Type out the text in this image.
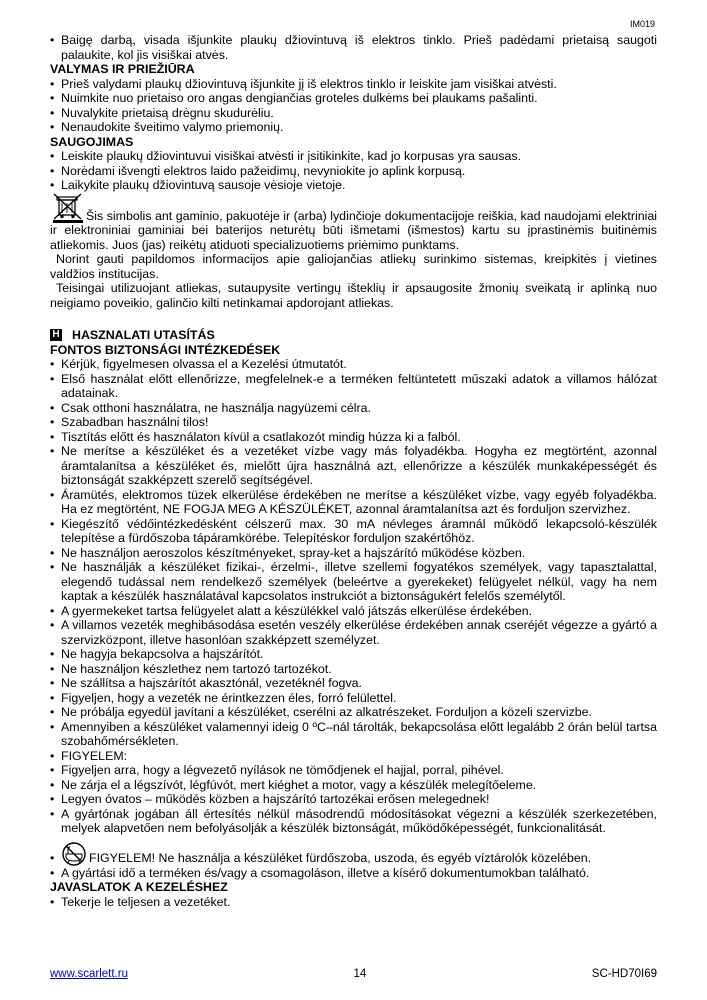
IM019
• Baigę darbą, visada išjunkite plaukų džiovintuvą iš elektros tinklo. Prieš padėdami prietaisą saugoti palaukite, kol jis visiškai atvės.
VALYMAS IR PRIEŽIŪRA
• Prieš valydami plaukų džiovintuvą išjunkite jį iš elektros tinklo ir leiskite jam visiškai atvėsti.
• Nuimkite nuo prietaiso oro angas dengiančias groteles dulkėms bei plaukams pašalinti.
• Nuvalykite prietaisą drėgnu skudurėliu.
• Nenaudokite šveitimo valymo priemonių.
SAUGOJIMAS
• Leiskite plaukų džiovintuvui visiškai atvėsti ir įsitikinkite, kad jo korpusas yra sausas.
• Norėdami išvengti elektros laido pažeidimų, nevyniokite jo aplink korpusą.
• Laikykite plaukų džiovintuvą sausoje vėsioje vietoje.
Šis simbolis ant gaminio, pakuotėje ir (arba) lydinčioje dokumentacijoje reiškia, kad naudojami elektriniai ir elektroniniai gaminiai bei baterijos neturėtų būti išmetami (išmestos) kartu su įprastinėmis buitinėmis atliekomis. Juos (jas) reikėtų atiduoti specializuotiems priėmimo punktams.
Norint gauti papildomos informacijos apie galiojančias atliekų surinkimo sistemas, kreipkitės į vietines valdžios institucijas.
Teisingai utilizuojant atliekas, sutaupysite vertingų išteklių ir apsaugosite žmonių sveikatą ir aplinką nuo neigiamo poveikio, galinčio kilti netinkamai apdorojant atliekas.
H HASZNALATI UTASÍTÁS
FONTOS BIZTONSÁGI INTÉZKEDÉSEK
• Kérjük, figyelmesen olvassa el a Kezelési útmutatót.
• Első használat előtt ellenőrizze, megfelelnek-e a terméken feltüntetett műszaki adatok a villamos hálózat adatainak.
• Csak otthoni használatra, ne használja nagyüzemi célra.
• Szabadban használni tilos!
• Tisztítás előtt és használaton kívül a csatlakozót mindig húzza ki a falból.
• Ne merítse a készüléket és a vezetéket vízbe vagy más folyadékba. Hogyha ez megtörtént, azonnal áramtalanítsa a készüléket és, mielőtt újra használná azt, ellenőrizze a készülék munkaképességét és biztonságát szakképzett szerelő segítségével.
• Áramütés, elektromos tüzek elkerülése érdekében ne merítse a készüléket vízbe, vagy egyéb folyadékba. Ha ez megtörtént, NE FOGJA MEG A KÉSZÜLÉKET, azonnal áramtalanítsa azt és forduljon szervizhez.
• Kiegészítő védőintézkedésként célszerű max. 30 mA névleges áramnál működő lekapcsoló-készülék telepítése a fürdőszoba tápáramkörébe. Telepítéskor forduljon szakértőhöz.
• Ne használjon aeroszolos készítményeket, spray-ket a hajszárító működése közben.
• Ne használják a készüléket fizikai-, érzelmi-, illetve szellemi fogyatékos személyek, vagy tapasztalattal, elegendő tudással nem rendelkező személyek (beleértve a gyerekeket) felügyelet nélkül, vagy ha nem kaptak a készülék használatával kapcsolatos instrukciót a biztonságukért felelős személytől.
• A gyermekeket tartsa felügyelet alatt a készülékkel való játszás elkerülése érdekében.
• A villamos vezeték meghibásodása esetén veszély elkerülése érdekében annak cseréjét végezze a gyártó a szervizközpont, illetve hasonlóan szakképzett személyzet.
• Ne hagyja bekapcsolva a hajszárítót.
• Ne használjon készlethez nem tartozó tartozékot.
• Ne szállítsa a hajszárítót akasztónál, vezetéknél fogva.
• Figyeljen, hogy a vezeték ne érintkezzen éles, forró felülettel.
• Ne próbálja egyedül javítani a készüléket, cserélni az alkatrészeket. Forduljon a közeli szervizbe.
• Amennyiben a készüléket valamennyi ideig 0 ºC–nál tárolták, bekapcsolása előtt legalább 2 órán belül tartsa szobahőmérsékleten.
• FIGYELEM:
• Figyeljen arra, hogy a légvezető nyílások ne tömődjenek el hajjal, porral, pihével.
• Ne zárja el a légszívót, légfúvót, mert kiéghet a motor, vagy a készülék melegítőeleme.
• Legyen óvatos – működés közben a hajszárító tartozékai erősen melegednek!
• A gyártónak jogában áll értesítés nélkül másodrendű módosításokat végezni a készülék szerkezetében, melyek alapvetően nem befolyásolják a készülék biztonságát, működőképességét, funkcionalitását.
•	FIGYELEM! Ne használja a készüléket fürdőszoba, uszoda, és egyéb víztárolók közelében.
• A gyártási idő a terméken és/vagy a csomagoláson, illetve a kísérő dokumentumokban található.
JAVASLATOK A KEZELÉSHEZ
• Tekerje le teljesen a vezetéket.
www.scarlett.ru	14	SC-HD70I69
